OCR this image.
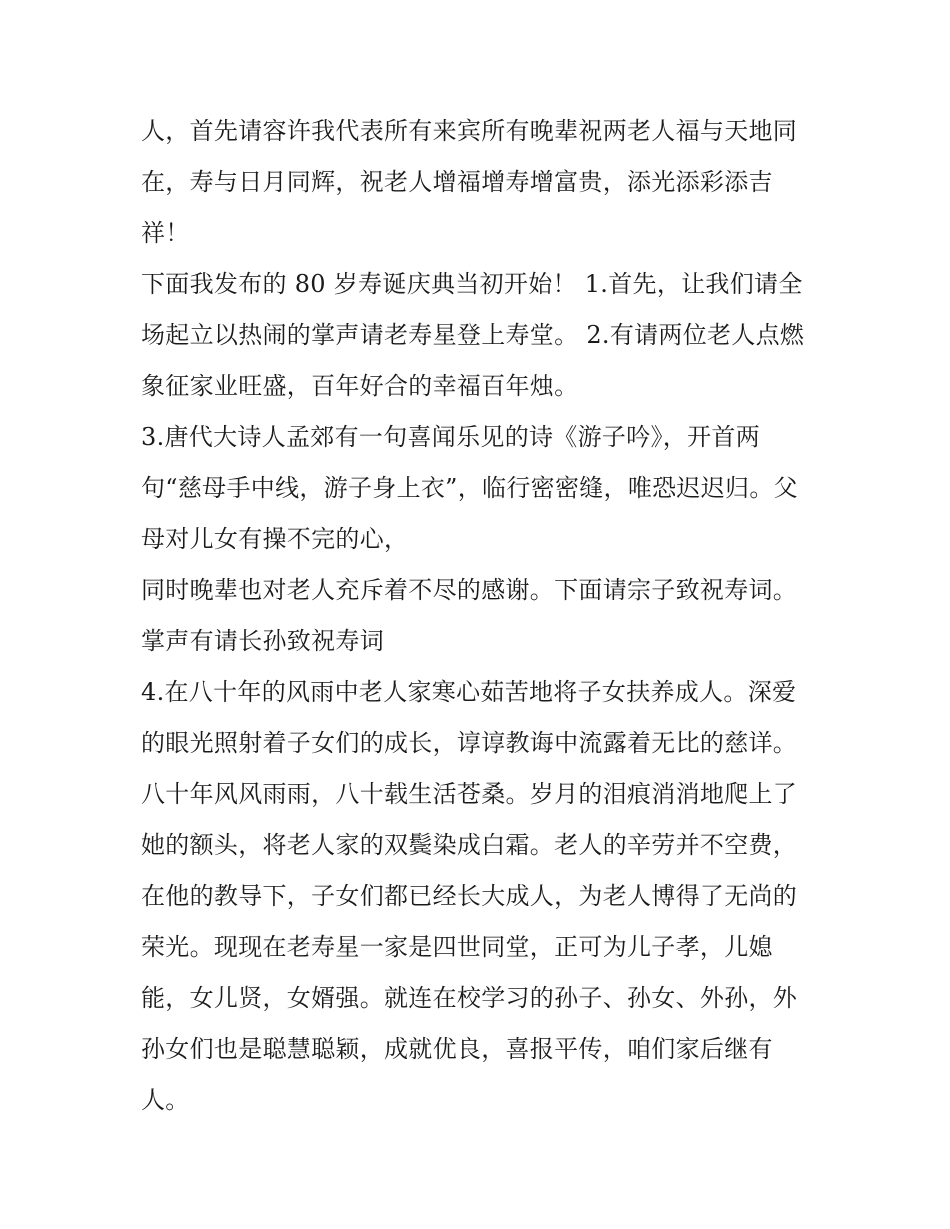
人，首先请容许我代表所有来宾所有晚辈祝两老人福与天地同
在，寿与日月同辉，祝老人增福增寿增富贵，添光添彩添吉
祥！
下面我发布的 80 岁寿诞庆典当初开始！ 1.首先，让我们请全
场起立以热闹的掌声请老寿星登上寿堂。 2.有请两位老人点燃
象征家业旺盛，百年好合的幸福百年烛。
3.唐代大诗人孟郊有一句喜闻乐见的诗《游子吟》，开首两
句“慈母手中线，游子身上衣”，临行密密缝，唯恐迟迟归。父
母对儿女有操不完的心，
同时晚辈也对老人充斥着不尽的感谢。下面请宗子致祝寿词。
掌声有请长孙致祝寿词
4.在八十年的风雨中老人家寒心茹苦地将子女扶养成人。深爱
的眼光照射着子女们的成长，谆谆教诲中流露着无比的慈详。
八十年风风雨雨，八十载生活苍桑。岁月的泪痕消消地爬上了
她的额头，将老人家的双鬓染成白霜。老人的辛劳并不空费，
在他的教导下，子女们都已经长大成人，为老人博得了无尚的
荣光。现现在老寿星一家是四世同堂，正可为儿子孝，儿媳
能，女儿贤，女婿强。就连在校学习的孙子、孙女、外孙，外
孙女们也是聪慧聪颖，成就优良，喜报平传，咱们家后继有
人。
